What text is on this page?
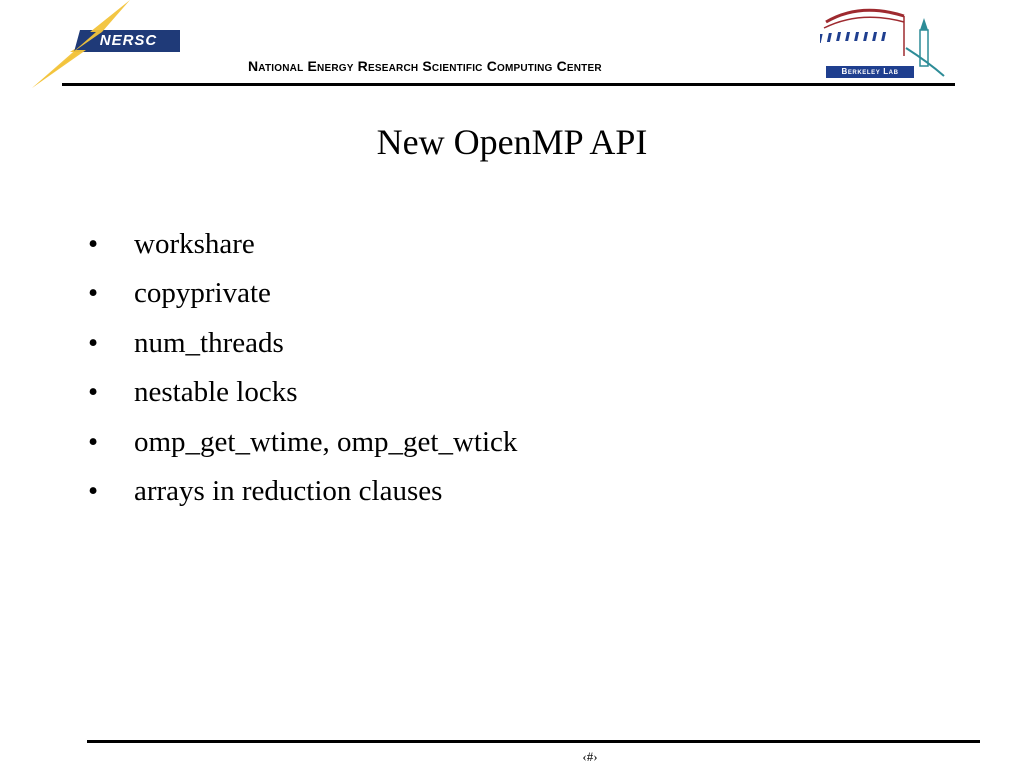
NERSC
National Energy Research Scientific Computing Center	Berkeley Lab
New OpenMP API
•	workshare
•	copyprivate
•	num_threads
•	nestable locks
•	omp_get_wtime, omp_get_wtick
•	arrays in reduction clauses
‹#›
